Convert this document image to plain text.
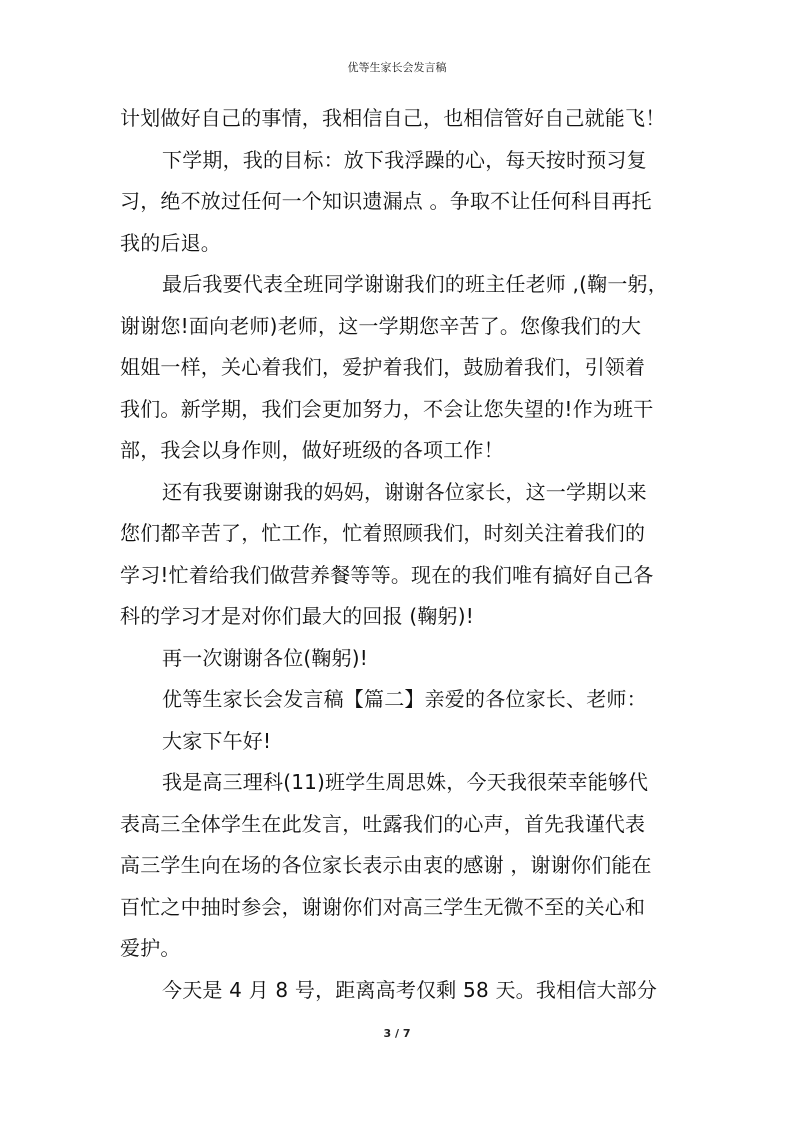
优等生家长会发言稿

计划做好自己的事情，我相信自己，也相信管好自己就能飞！

下学期，我的目标：放下我浮躁的心，每天按时预习复

习，绝不放过任何一个知识遗漏点 。争取不让任何科目再托
我的后退。

最后我要代表全班同学谢谢我们的班主任老师 ,(鞠一躬，

谢谢您!面向老师)老师，这一学期您辛苦了。您像我们的大
姐姐一样，关心着我们，爱护着我们，鼓励着我们，引领着
我们。新学期，我们会更加努力，不会让您失望的!作为班干
部，我会以身作则，做好班级的各项工作！

还有我要谢谢我的妈妈，谢谢各位家长，这一学期以来

您们都辛苦了，忙工作，忙着照顾我们，时刻关注着我们的
学习!忙着给我们做营养餐等等。现在的我们唯有搞好自己各
科的学习才是对你们最大的回报 (鞠躬)!

再一次谢谢各位(鞠躬)!

优等生家长会发言稿【篇二】亲爱的各位家长、老师：

大家下午好!

我是高三理科(11)班学生周思姝，今天我很荣幸能够代

表高三全体学生在此发言，吐露我们的心声，首先我谨代表
高三学生向在场的各位家长表示由衷的感谢 ，谢谢你们能在
百忙之中抽时参会，谢谢你们对高三学生无微不至的关心和
爱护。

今天是 4 月 8 号，距离高考仅剩 58 天。我相信大部分

3 / 7
